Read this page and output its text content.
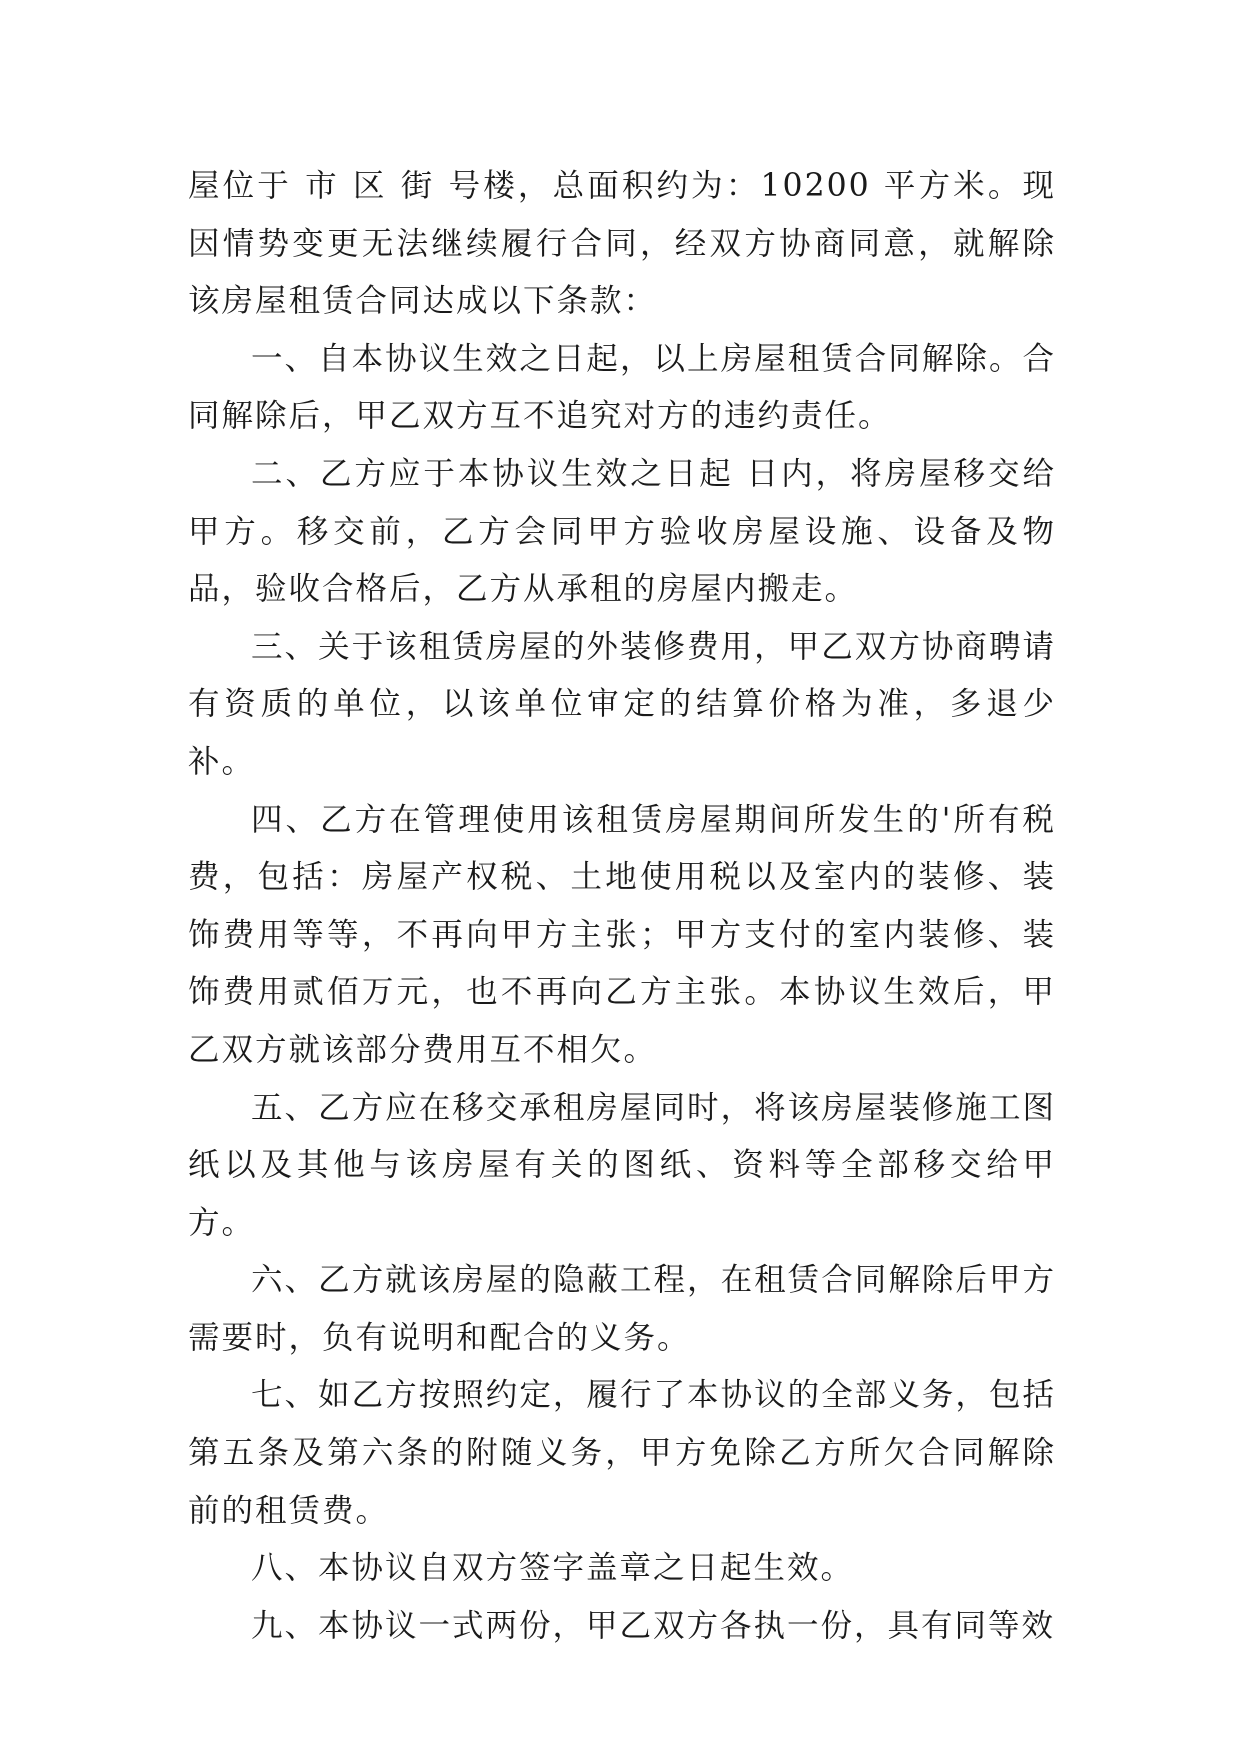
屋位于 市 区 街 号楼，总面积约为：10200 平方米。现因情势变更无法继续履行合同，经双方协商同意，就解除该房屋租赁合同达成以下条款：

一、自本协议生效之日起，以上房屋租赁合同解除。合同解除后，甲乙双方互不追究对方的违约责任。

二、乙方应于本协议生效之日起 日内，将房屋移交给甲方。移交前，乙方会同甲方验收房屋设施、设备及物品，验收合格后，乙方从承租的房屋内搬走。

三、关于该租赁房屋的外装修费用，甲乙双方协商聘请有资质的单位，以该单位审定的结算价格为准，多退少补。

四、乙方在管理使用该租赁房屋期间所发生的'所有税费，包括：房屋产权税、土地使用税以及室内的装修、装饰费用等等，不再向甲方主张；甲方支付的室内装修、装饰费用贰佰万元，也不再向乙方主张。本协议生效后，甲乙双方就该部分费用互不相欠。

五、乙方应在移交承租房屋同时，将该房屋装修施工图纸以及其他与该房屋有关的图纸、资料等全部移交给甲方。

六、乙方就该房屋的隐蔽工程，在租赁合同解除后甲方需要时，负有说明和配合的义务。

七、如乙方按照约定，履行了本协议的全部义务，包括第五条及第六条的附随义务，甲方免除乙方所欠合同解除前的租赁费。

八、本协议自双方签字盖章之日起生效。

九、本协议一式两份，甲乙双方各执一份，具有同等效
